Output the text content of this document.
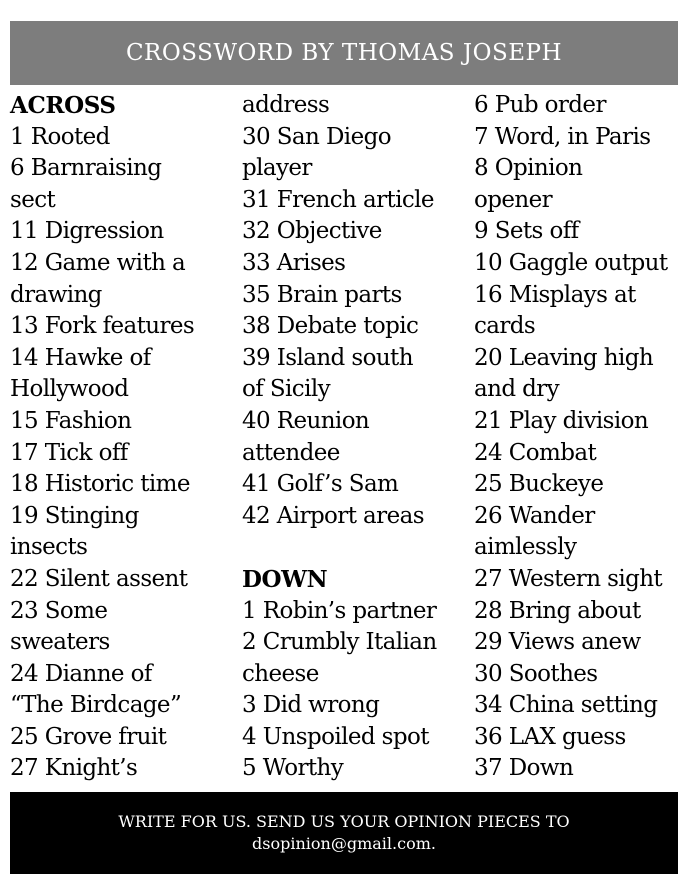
CROSSWORD BY THOMAS JOSEPH
ACROSS
1 Rooted
6 Barnraising
sect
11 Digression
12 Game with a
drawing
13 Fork features
14 Hawke of
Hollywood
15 Fashion
17 Tick off
18 Historic time
19 Stinging
insects
22 Silent assent
23 Some
sweaters
24 Dianne of
“The Birdcage”
25 Grove fruit
27 Knight’s
address
30 San Diego
player
31 French article
32 Objective
33 Arises
35 Brain parts
38 Debate topic
39 Island south
of Sicily
40 Reunion
attendee
41 Golf’s Sam
42 Airport areas
DOWN
1 Robin’s partner
2 Crumbly Italian
cheese
3 Did wrong
4 Unspoiled spot
5 Worthy
6 Pub order
7 Word, in Paris
8 Opinion
opener
9 Sets off
10 Gaggle output
16 Misplays at
cards
20 Leaving high
and dry
21 Play division
24 Combat
25 Buckeye
26 Wander
aimlessly
27 Western sight
28 Bring about
29 Views anew
30 Soothes
34 China setting
36 LAX guess
37 Down
WRITE FOR US. SEND US YOUR OPINION PIECES TO
dsopinion@gmail.com.
